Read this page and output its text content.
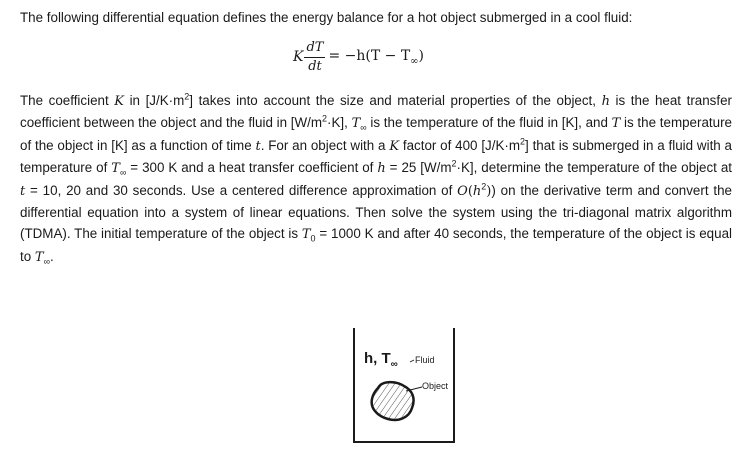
The following differential equation defines the energy balance for a hot object submerged in a cool fluid:
K $\frac{dT}{dt} = -h(T - T_\infty)$

The coefficient K in $[J/K\cdot m^2]$ takes into account the size and material properties of the object, h is the heat transfer coefficient between the object and the fluid in $[W/m^2\cdot K]$, $T_\infty$ is the temperature of the fluid in [K], and T is the temperature of the object in [K] as a function of time t. For an object with a K factor of 400 $[J/K\cdot m^2]$ that is submerged in a fluid with a temperature of $T_\infty = 300$ K and a heat transfer coefficient of h = 25 $[W/m^2\cdot K]$, determine the temperature of the object at t = 10, 20 and 30 seconds. Use a centered difference approximation of $O(h^2)$) on the derivative term and convert the differential equation into a system of linear equations. Then solve the system using the tri-diagonal matrix algorithm (TDMA). The initial temperature of the object is $T_0 = 1000$ K and after 40 seconds, the temperature of the object is equal to $T_\infty$.

h, $T_\infty$ Fluid
Object
